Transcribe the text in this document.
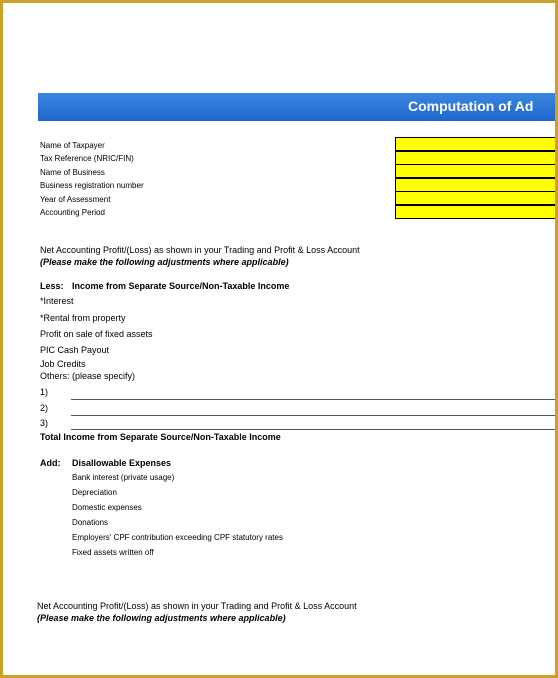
Computation of Ad
Name of Taxpayer
Tax Reference (NRIC/FIN)
Name of Business
Business registration number
Year of Assessment
Accounting Period
Net Accounting Profit/(Loss) as shown in your Trading and Profit & Loss Account
(Please make the following adjustments where applicable)
Less: Income from Separate Source/Non-Taxable Income
*Interest
*Rental from property
Profit on sale of fixed assets
PIC Cash Payout
Job Credits
Others: (please specify)
1)
2)
3)
Total Income from Separate Source/Non-Taxable Income
Add: Disallowable Expenses
Bank interest (private usage)
Depreciation
Domestic expenses
Donations
Employers' CPF contribution exceeding CPF statutory rates
Fixed assets written off
Net Accounting Profit/(Loss) as shown in your Trading and Profit & Loss Account
(Please make the following adjustments where applicable)
